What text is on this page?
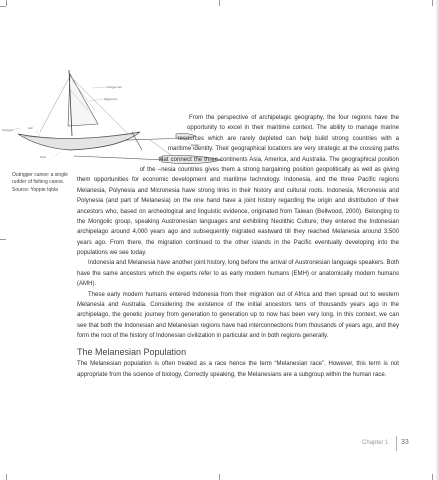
Outrigger sail
Rigging line
Outrigger
Hull
Rudder
Float
Outrigger canoe: a single rudder of fishing canoe. Source: Yoppie Iqbla

From the perspective of archipelagic geography, the four regions have the opportunity to excel in their maritime context. The ability to manage marine resources which are rarely depleted can help build strong countries with a maritime identity. Their geographical locations are very strategic at the crossing paths that connect the three continents Asia, America, and Australia. The geographical position of the –nesia countries gives them a strong bargaining position geopolitically as well as giving them opportunities for economic development and maritime technology. Indonesia, and the three Pacific regions Melanesia, Polynesia and Micronesia have strong links in their history and cultural roots. Indonesia, Micronesia and Polynesia (and part of Melanesia) on the one hand have a joint history regarding the origin and distribution of their ancestors who, based on archeological and linguistic evidence, originated from Taiwan (Bellwood, 2000). Belonging to the Mongolic group, speaking Austronesian languages and exhibiting Neolithic Culture, they entered the Indonesian archipelago around 4,000 years ago and subsequently migrated eastward till they reached Melanesia around 3,500 years ago. From there, the migration continued to the other islands in the Pacific eventually developing into the populations we see today.

Indonesia and Melanesia have another joint history, long before the arrival of Austronesian language speakers. Both have the same ancestors which the experts refer to as early modern humans (EMH) or anatomically modern humans (AMH).

These early modern humans entered Indonesia from their migration out of Africa and then spread out to western Melanesia and Australia. Considering the existence of the initial ancestors tens of thousands years ago in the archipelago, the genetic journey from generation to generation up to now has been very long. In this context, we can see that both the Indonesian and Melanesian regions have had interconnections from thousands of years ago, and they form the root of the history of Indonesian civilization in particular and in both regions generally.

The Melanesian Population

The Melanesian population is often treated as a race hence the term “Melanesian race”. However, this term is not appropriate from the science of biology. Correctly speaking, the Melanesians are a subgroup within the human race.

Chapter 1 33
